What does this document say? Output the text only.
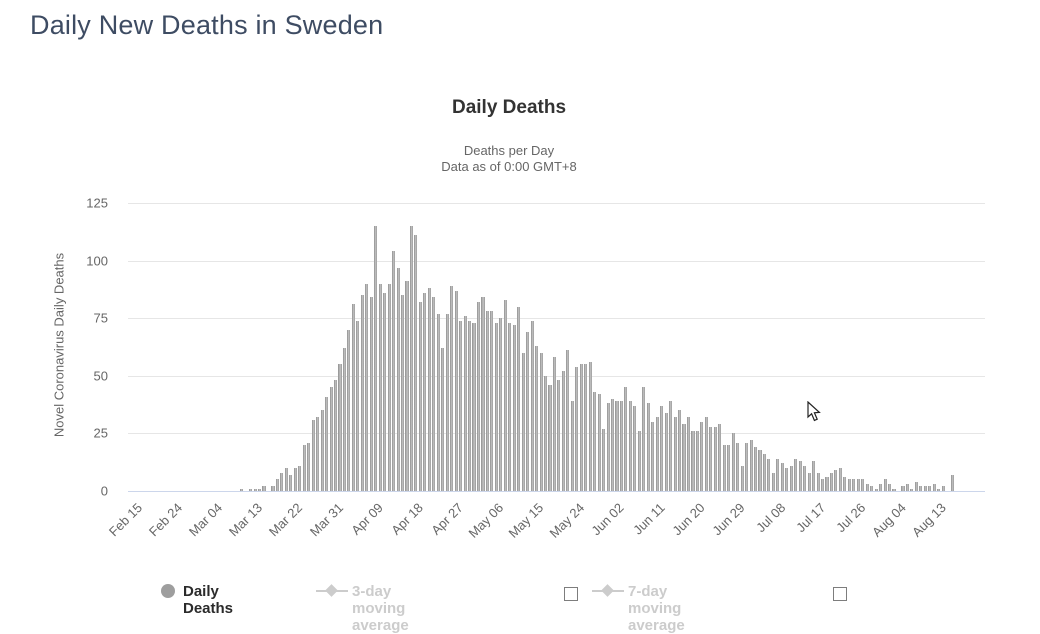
Daily New Deaths in Sweden
Daily Deaths
Deaths per Day
Data as of 0:00 GMT+8
Novel Coronavirus Daily Deaths
0
25
50
75
100
125
Feb 15 Feb 24 Mar 04 Mar 13 Mar 22 Mar 31 Apr 09 Apr 18 Apr 27 May 06 May 15 May 24 Jun 02 Jun 11 Jun 20 Jun 29 Jul 08 Jul 17 Jul 26 Aug 04 Aug 13
Daily Deaths
3-day moving average
7-day moving average
